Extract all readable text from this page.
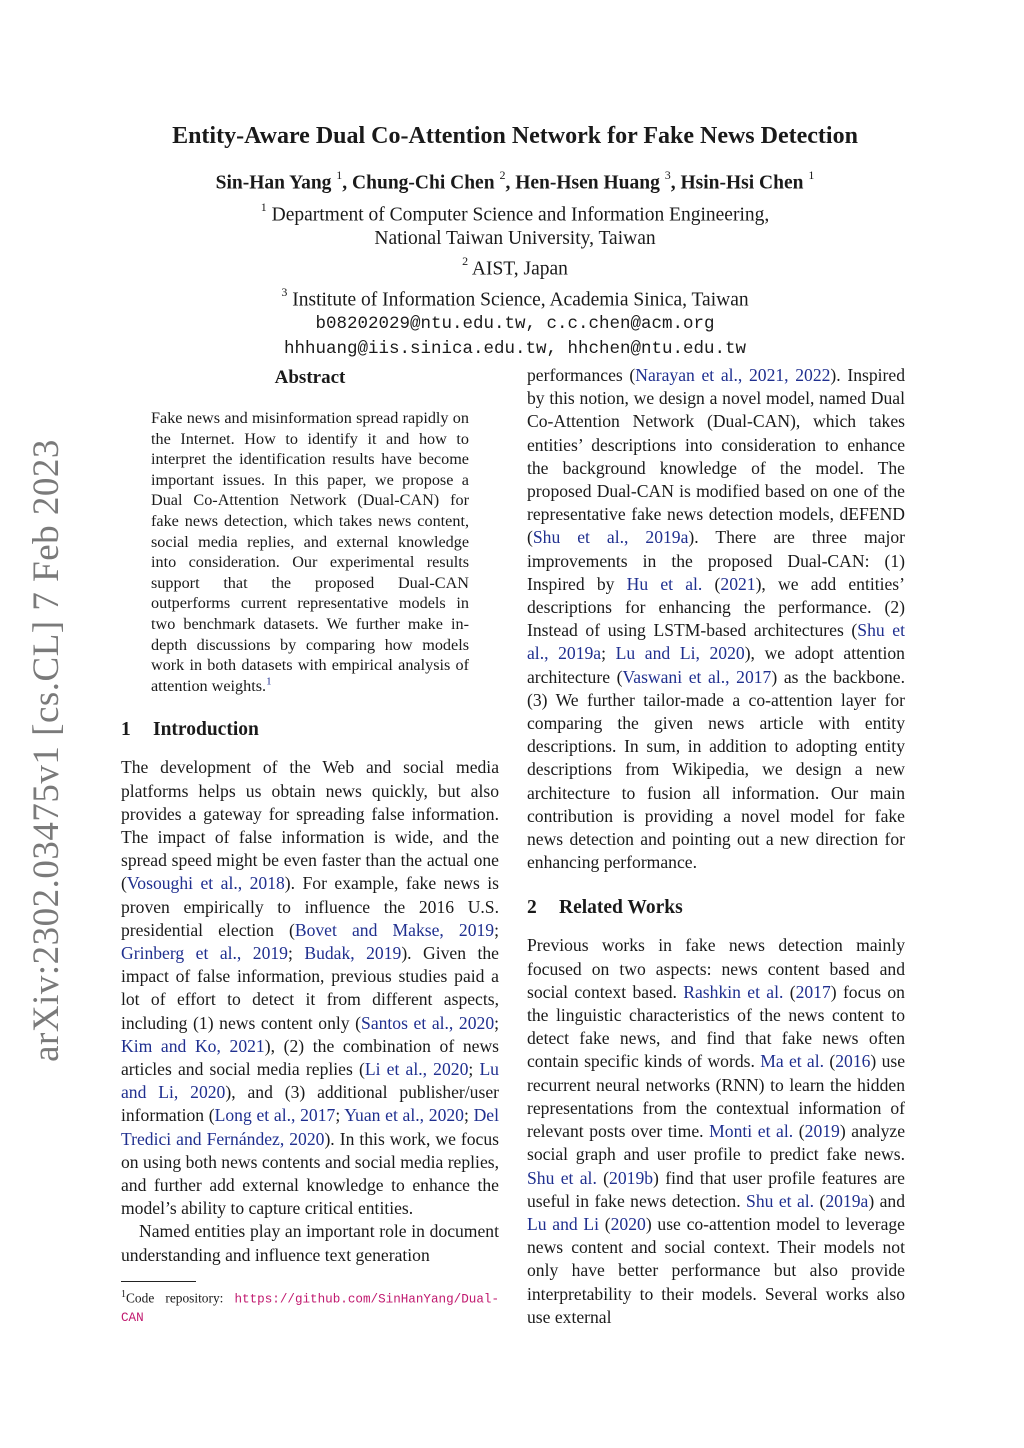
arXiv:2302.03475v1 [cs.CL] 7 Feb 2023
Entity-Aware Dual Co-Attention Network for Fake News Detection
Sin-Han Yang $^1$, Chung-Chi Chen $^2$, Hen-Hsen Huang $^3$, Hsin-Hsi Chen $^1$
$^1$ Department of Computer Science and Information Engineering,
National Taiwan University, Taiwan
$^2$ AIST, Japan
$^3$ Institute of Information Science, Academia Sinica, Taiwan
b08202029@ntu.edu.tw, c.c.chen@acm.org
hhhuang@iis.sinica.edu.tw, hhchen@ntu.edu.tw
Abstract
Fake news and misinformation spread rapidly on the Internet. How to identify it and how to interpret the identification results have become important issues. In this paper, we propose a Dual Co-Attention Network (Dual-CAN) for fake news detection, which takes news content, social media replies, and external knowledge into consideration. Our experimental results support that the proposed Dual-CAN outperforms current representative models in two benchmark datasets. We further make in-depth discussions by comparing how models work in both datasets with empirical analysis of attention weights.$^1$
1 Introduction

The development of the Web and social media platforms helps us obtain news quickly, but also provides a gateway for spreading false information. The impact of false information is wide, and the spread speed might be even faster than the actual one (Vosoughi et al., 2018). For example, fake news is proven empirically to influence the 2016 U.S. presidential election (Bovet and Makse, 2019; Grinberg et al., 2019; Budak, 2019). Given the impact of false information, previous studies paid a lot of effort to detect it from different aspects, including (1) news content only (Santos et al., 2020; Kim and Ko, 2021), (2) the combination of news articles and social media replies (Li et al., 2020; Lu and Li, 2020), and (3) additional publisher/user information (Long et al., 2017; Yuan et al., 2020; Del Tredici and Fernández, 2020). In this work, we focus on using both news contents and social media replies, and further add external knowledge to enhance the model’s ability to capture critical entities.

Named entities play an important role in document understanding and influence text generation

$^1$Code repository: https://github.com/SinHanYang/Dual-CAN

performances (Narayan et al., 2021, 2022). Inspired by this notion, we design a novel model, named Dual Co-Attention Network (Dual-CAN), which takes entities’ descriptions into consideration to enhance the background knowledge of the model. The proposed Dual-CAN is modified based on one of the representative fake news detection models, dEFEND (Shu et al., 2019a). There are three major improvements in the proposed Dual-CAN: (1) Inspired by Hu et al. (2021), we add entities’ descriptions for enhancing the performance. (2) Instead of using LSTM-based architectures (Shu et al., 2019a; Lu and Li, 2020), we adopt attention architecture (Vaswani et al., 2017) as the backbone. (3) We further tailor-made a co-attention layer for comparing the given news article with entity descriptions. In sum, in addition to adopting entity descriptions from Wikipedia, we design a new architecture to fusion all information. Our main contribution is providing a novel model for fake news detection and pointing out a new direction for enhancing performance.

2 Related Works

Previous works in fake news detection mainly focused on two aspects: news content based and social context based. Rashkin et al. (2017) focus on the linguistic characteristics of the news content to detect fake news, and find that fake news often contain specific kinds of words. Ma et al. (2016) use recurrent neural networks (RNN) to learn the hidden representations from the contextual information of relevant posts over time. Monti et al. (2019) analyze social graph and user profile to predict fake news. Shu et al. (2019b) find that user profile features are useful in fake news detection. Shu et al. (2019a) and Lu and Li (2020) use co-attention model to leverage news content and social context. Their models not only have better performance but also provide interpretability to their models. Several works also use external
